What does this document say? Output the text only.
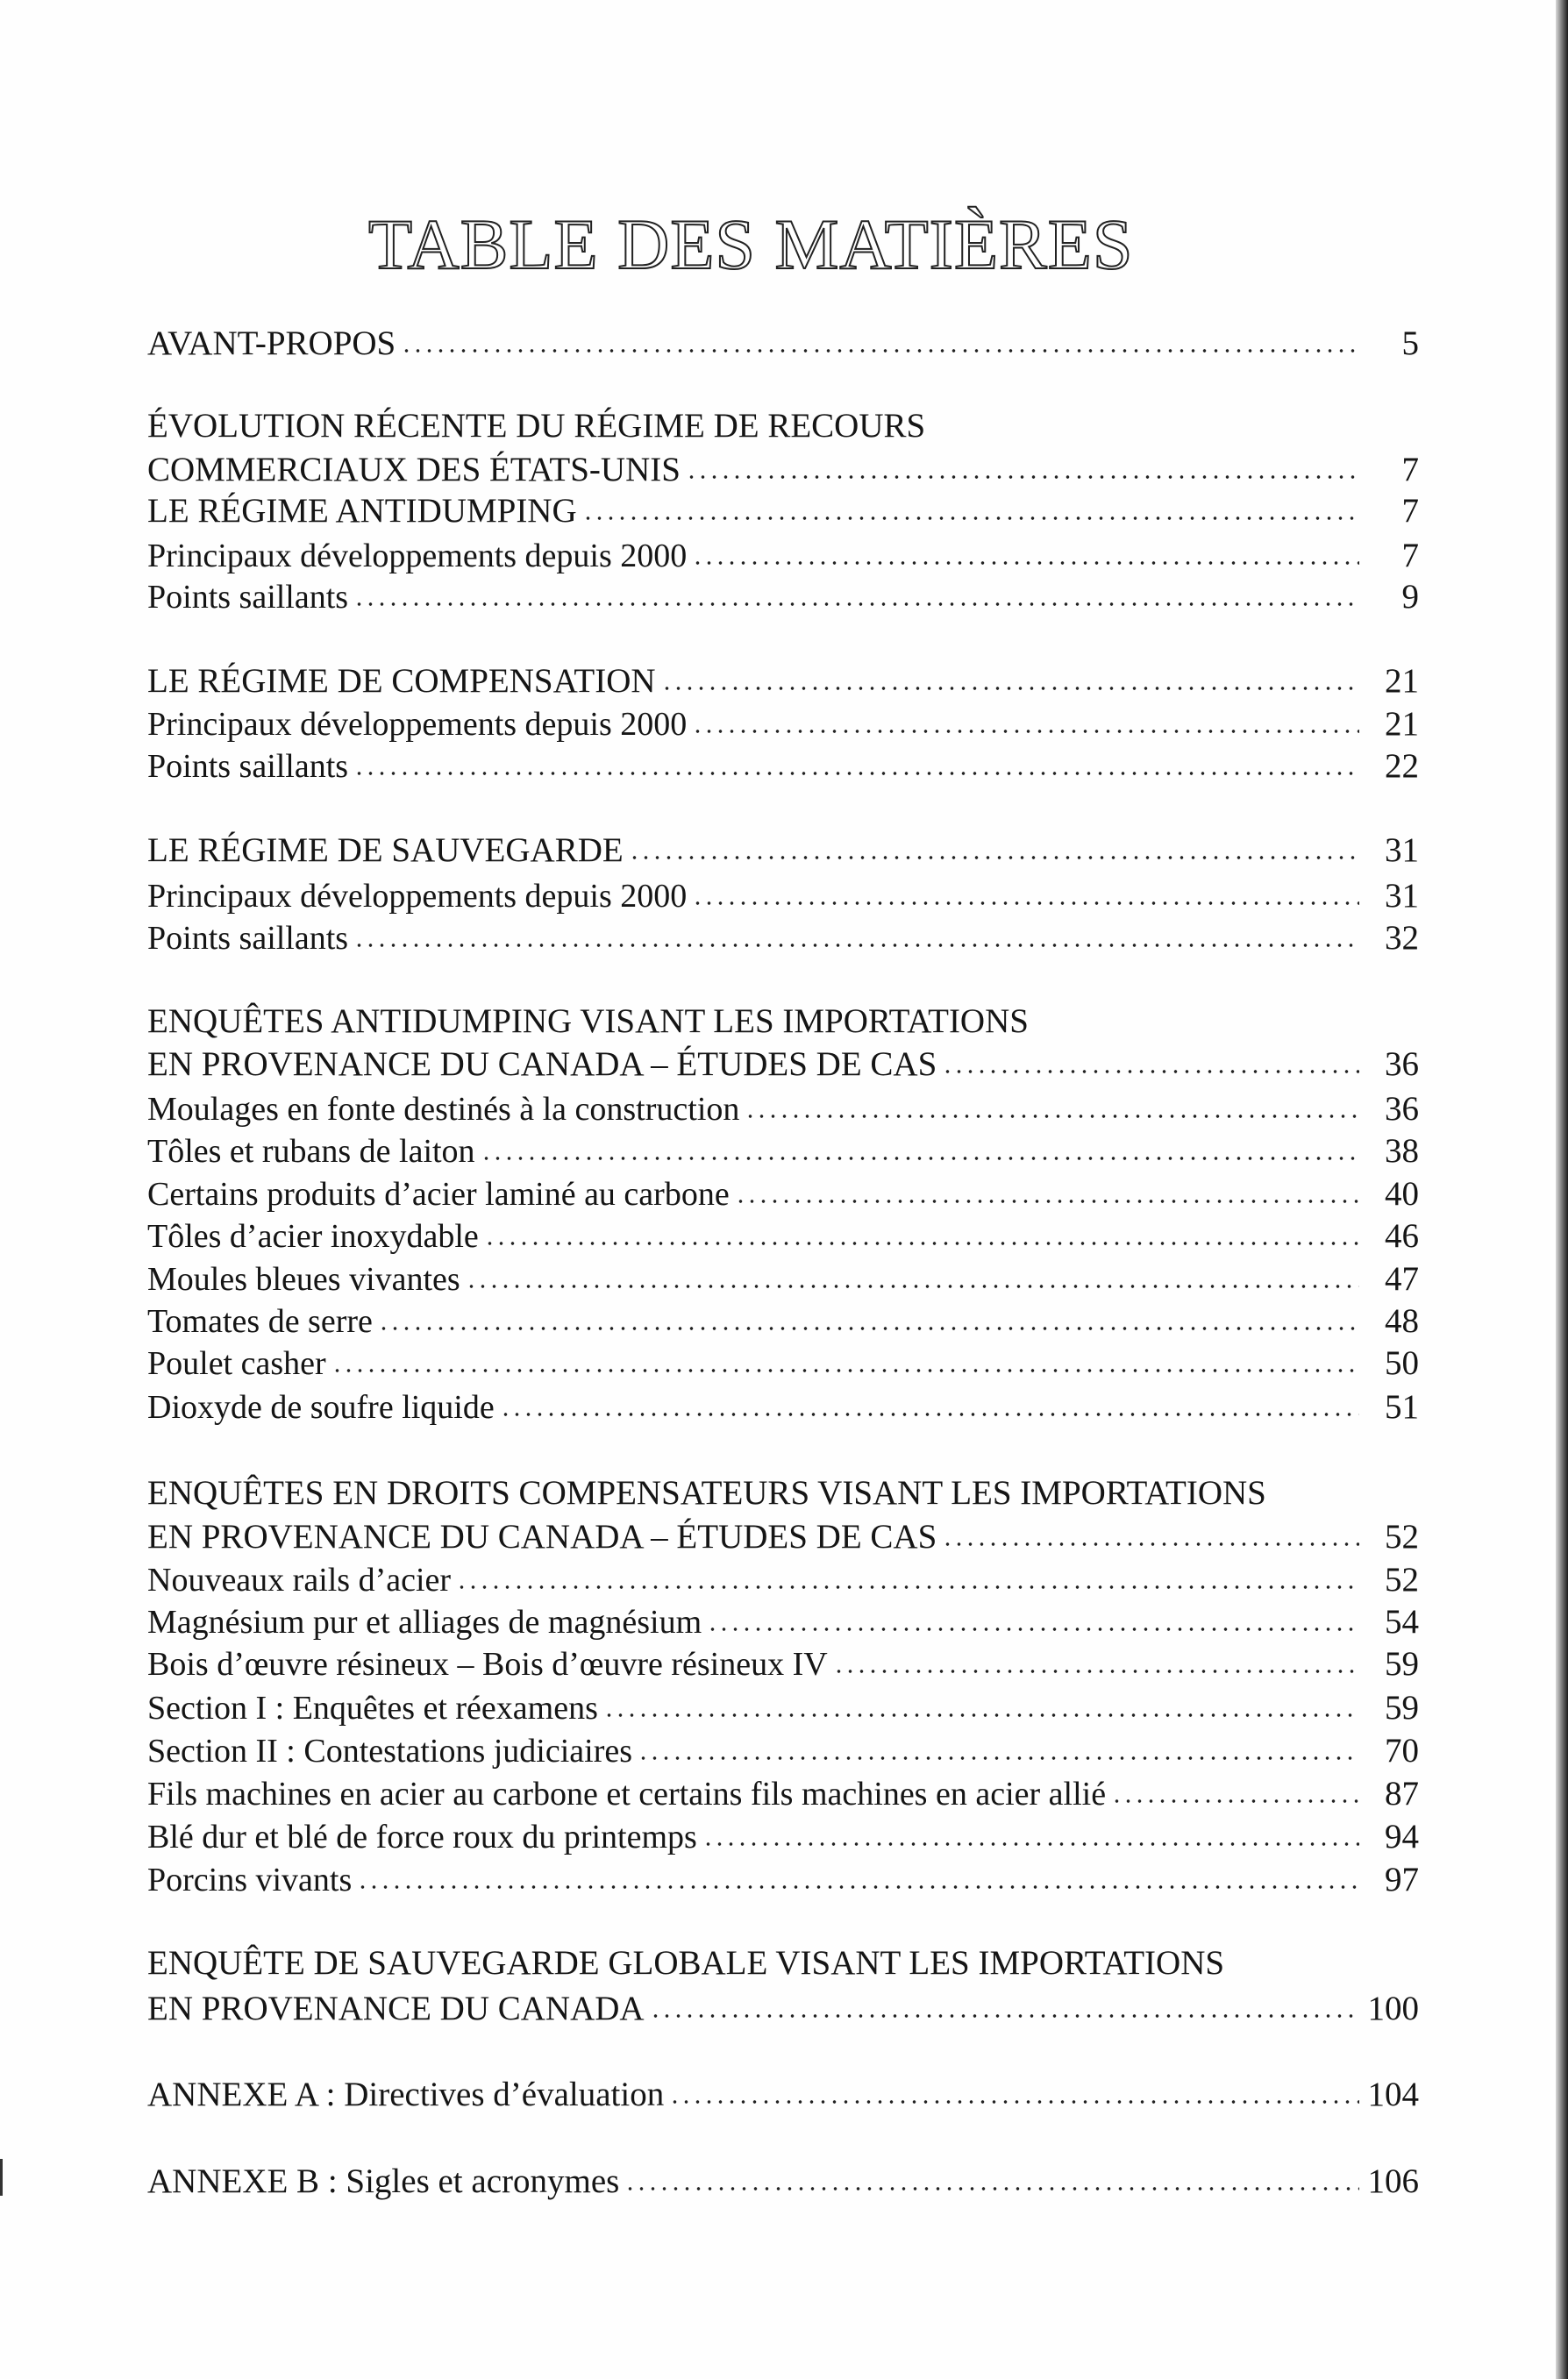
TABLE DES MATIÈRES
AVANT-PROPOS	5
ÉVOLUTION RÉCENTE DU RÉGIME DE RECOURS
COMMERCIAUX DES ÉTATS-UNIS	7
LE RÉGIME ANTIDUMPING	7
Principaux développements depuis 2000	7
Points saillants	9
LE RÉGIME DE COMPENSATION	21
Principaux développements depuis 2000	21
Points saillants	22
LE RÉGIME DE SAUVEGARDE	31
Principaux développements depuis 2000	31
Points saillants	32
ENQUÊTES ANTIDUMPING VISANT LES IMPORTATIONS
EN PROVENANCE DU CANADA – ÉTUDES DE CAS	36
Moulages en fonte destinés à la construction	36
Tôles et rubans de laiton	38
Certains produits d’acier laminé au carbone	40
Tôles d’acier inoxydable	46
Moules bleues vivantes	47
Tomates de serre	48
Poulet casher	50
Dioxyde de soufre liquide	51
ENQUÊTES EN DROITS COMPENSATEURS VISANT LES IMPORTATIONS
EN PROVENANCE DU CANADA – ÉTUDES DE CAS	52
Nouveaux rails d’acier	52
Magnésium pur et alliages de magnésium	54
Bois d’œuvre résineux – Bois d’œuvre résineux IV	59
Section I : Enquêtes et réexamens	59
Section II : Contestations judiciaires	70
Fils machines en acier au carbone et certains fils machines en acier allié	87
Blé dur et blé de force roux du printemps	94
Porcins vivants	97
ENQUÊTE DE SAUVEGARDE GLOBALE VISANT LES IMPORTATIONS
EN PROVENANCE DU CANADA	100
ANNEXE A : Directives d’évaluation	104
ANNEXE B : Sigles et acronymes	106
